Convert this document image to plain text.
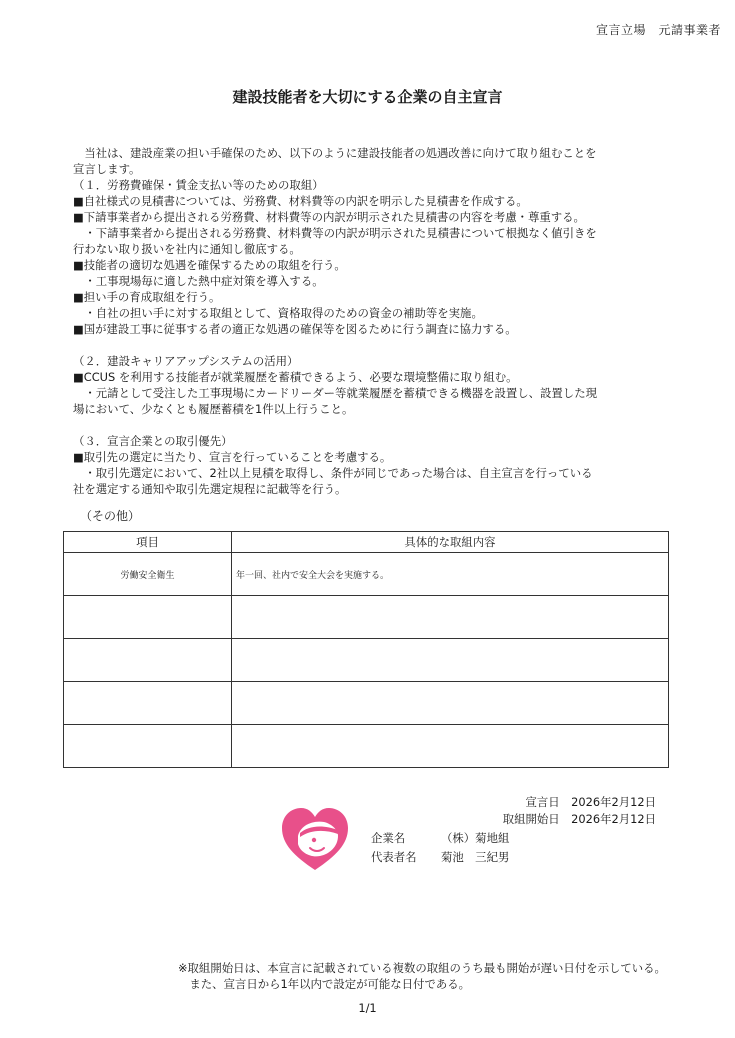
宣言立場　元請事業者
建設技能者を大切にする企業の自主宣言
　当社は、建設産業の担い手確保のため、以下のように建設技能者の処遇改善に向けて取り組むことを
宣言します。
（１．労務費確保・賃金支払い等のための取組）
■自社様式の見積書については、労務費、材料費等の内訳を明示した見積書を作成する。
■下請事業者から提出される労務費、材料費等の内訳が明示された見積書の内容を考慮・尊重する。
　・下請事業者から提出される労務費、材料費等の内訳が明示された見積書について根拠なく値引きを
行わない取り扱いを社内に通知し徹底する。
■技能者の適切な処遇を確保するための取組を行う。
　・工事現場毎に適した熱中症対策を導入する。
■担い手の育成取組を行う。
　・自社の担い手に対する取組として、資格取得のための資金の補助等を実施。
■国が建設工事に従事する者の適正な処遇の確保等を図るために行う調査に協力する。
（２．建設キャリアアップシステムの活用）
■CCUS を利用する技能者が就業履歴を蓄積できるよう、必要な環境整備に取り組む。
　・元請として受注した工事現場にカードリーダー等就業履歴を蓄積できる機器を設置し、設置した現
場において、少なくとも履歴蓄積を1件以上行うこと。
（３．宣言企業との取引優先）
■取引先の選定に当たり、宣言を行っていることを考慮する。
　・取引先選定において、2社以上見積を取得し、条件が同じであった場合は、自主宣言を行っている
社を選定する通知や取引先選定規程に記載等を行う。
（その他）
項目	具体的な取組内容
労働安全衛生	年一回、社内で安全大会を実施する。

宣言日　 2026年2月12日
取組開始日　 2026年2月12日
企業名	（株）菊地組
代表者名 菊池　三紀男
※取組開始日は、本宣言に記載されている複数の取組のうち最も開始が遅い日付を示している。
　また、宣言日から1年以内で設定が可能な日付である。
1/1
